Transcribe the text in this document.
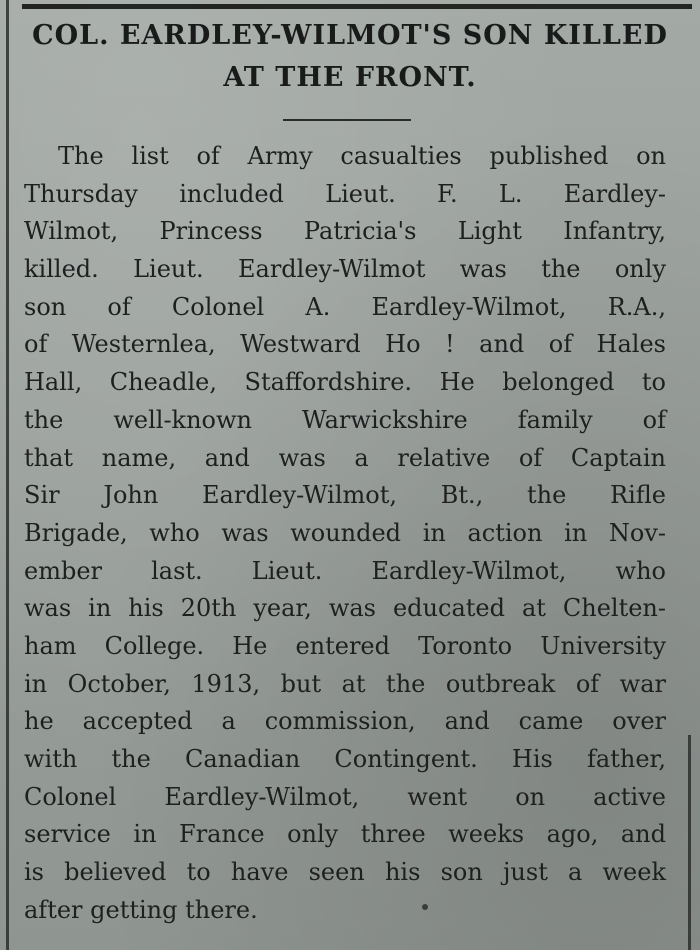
COL. EARDLEY-WILMOT'S SON KILLED
AT THE FRONT.
The list of Army casualties published on
Thursday included Lieut. F. L. Eardley-
Wilmot, Princess Patricia's Light Infantry,
killed. Lieut. Eardley-Wilmot was the only
son of Colonel A. Eardley-Wilmot, R.A.,
of Westernlea, Westward Ho ! and of Hales
Hall, Cheadle, Staffordshire. He belonged to
the well-known Warwickshire family of
that name, and was a relative of Captain
Sir John Eardley-Wilmot, Bt., the Rifle
Brigade, who was wounded in action in Nov-
ember last. Lieut. Eardley-Wilmot, who
was in his 20th year, was educated at Chelten-
ham College. He entered Toronto University
in October, 1913, but at the outbreak of war
he accepted a commission, and came over
with the Canadian Contingent. His father,
Colonel Eardley-Wilmot, went on active
service in France only three weeks ago, and
is believed to have seen his son just a week
after getting there.
